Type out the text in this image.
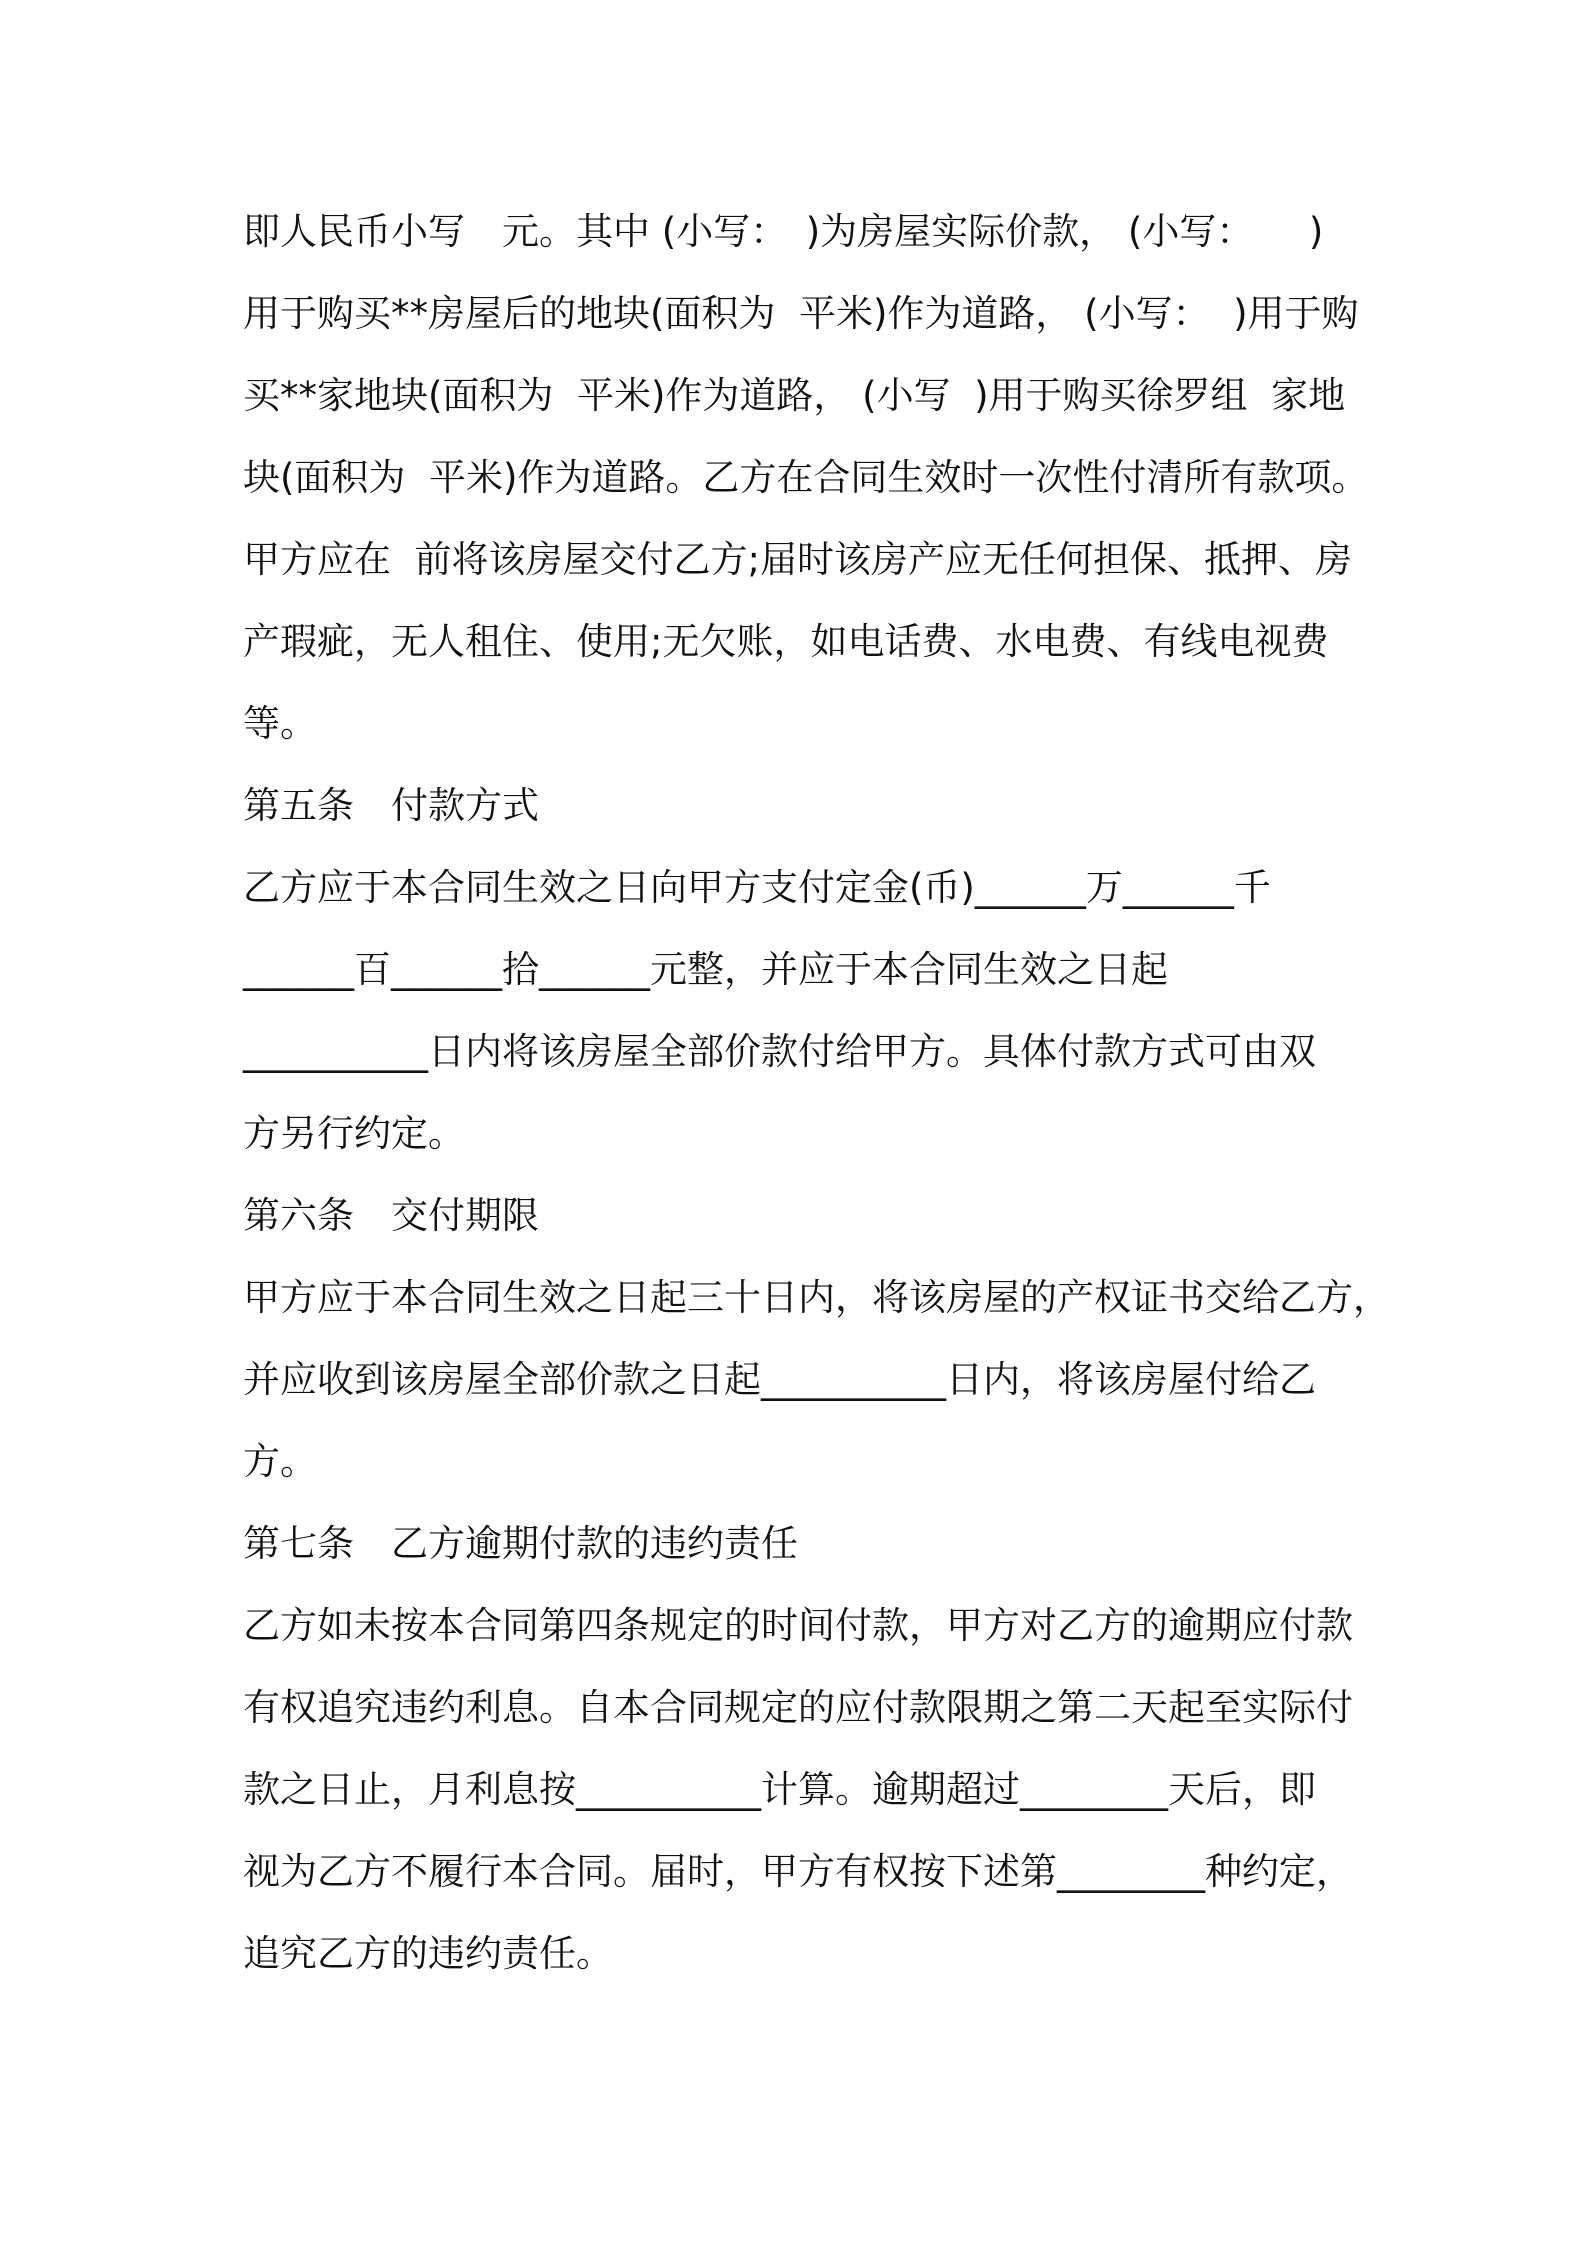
即人民币小写　元。其中 (小写：　)为房屋实际价款， (小写：　　)
用于购买**房屋后的地块(面积为  平米)作为道路， (小写：  )用于购
买**家地块(面积为  平米)作为道路， (小写  )用于购买徐罗组  家地
块(面积为  平米)作为道路。乙方在合同生效时一次性付清所有款项。
甲方应在  前将该房屋交付乙方;届时该房产应无任何担保、抵押、房
产瑕疵，无人租住、使用;无欠账，如电话费、水电费、有线电视费
等。
第五条　付款方式
乙方应于本合同生效之日向甲方支付定金(币)______万______千
______百______拾______元整，并应于本合同生效之日起
__________日内将该房屋全部价款付给甲方。具体付款方式可由双
方另行约定。
第六条　交付期限
甲方应于本合同生效之日起三十日内，将该房屋的产权证书交给乙方，
并应收到该房屋全部价款之日起__________日内，将该房屋付给乙
方。
第七条　乙方逾期付款的违约责任
乙方如未按本合同第四条规定的时间付款，甲方对乙方的逾期应付款
有权追究违约利息。自本合同规定的应付款限期之第二天起至实际付
款之日止，月利息按__________计算。逾期超过________天后，即
视为乙方不履行本合同。届时，甲方有权按下述第________种约定，
追究乙方的违约责任。
